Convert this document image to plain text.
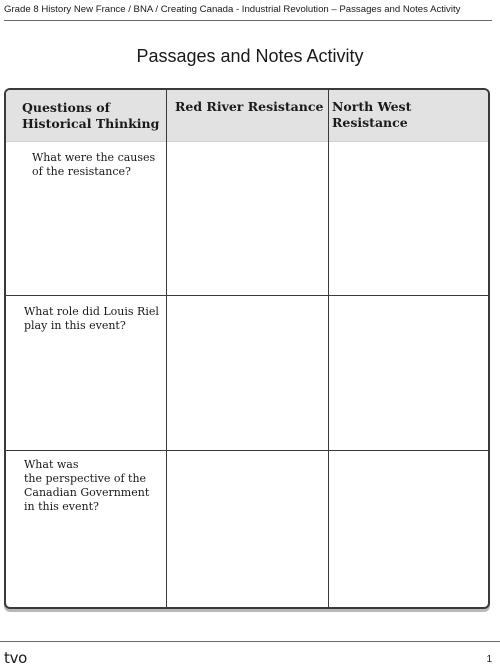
Grade 8 History New France / BNA / Creating Canada - Industrial Revolution – Passages and Notes Activity
Passages and Notes Activity
Questions of
Historical Thinking
Red River Resistance North West Resistance
What were the causes
of the resistance?
What role did Louis Riel
play in this event?
What was
the perspective of the
Canadian Government
in this event?
tvo	1
